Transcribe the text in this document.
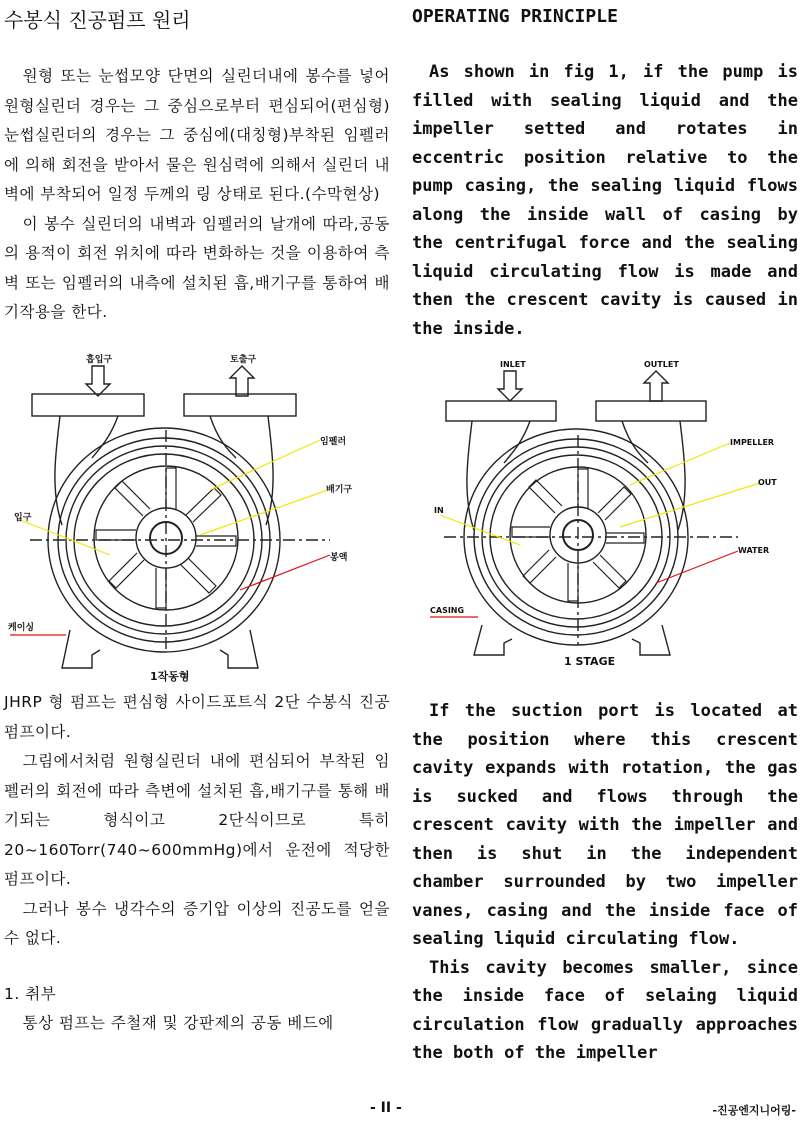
수봉식 진공펌프 원리	OPERATING PRINCIPLE

원형 또는 눈썹모양 단면의 실린더내에 봉수를 넣어 원형실린더 경우는 그 중심으로부터 편심되어(편심형)눈썹실린더의 경우는 그 중심에(대칭형)부착된 임펠러에 의해 회전을 받아서 물은 원심력에 의해서 실린더 내벽에 부착되어 일정 두께의 링 상태로 된다.(수막현상)

이 봉수 실린더의 내벽과 임펠러의 날개에 따라,공동의 용적이 회전 위치에 따라 변화하는 것을 이용하여 측벽 또는 임펠러의 내측에 설치된 흡,배기구를 통하여 배기작용을 한다.

As shown in fig 1, if the pump is filled with sealing liquid and the impeller setted and rotates in eccentric position relative to the pump casing, the sealing liquid flows along the inside wall of casing by the centrifugal force and the sealing liquid circulating flow is made and then the crescent cavity is caused in the inside.

흡입구	토출구
임펠러
배기구
입구
봉액
케이싱
1작동형
INLET	OUTLET
IMPELLER
OUT
IN
WATER
CASING
1 STAGE

JHRP 형 펌프는 편심형 사이드포트식 2단 수봉식 진공펌프이다.

그림에서처럼 원형실린더 내에 편심되어 부착된 임펠러의 회전에 따라 측변에 설치된 흡,배기구를 통해 배기되는 형식이고 2단식이므로 특히 20~160Torr(740~600mmHg)에서 운전에 적당한 펌프이다.

그러나 봉수 냉각수의 증기압 이상의 진공도를 얻을 수 없다.

1. 취부

통상 펌프는 주철재 및 강판제의 공동 베드에

If the suction port is located at the position where this crescent cavity expands with rotation, the gas is sucked and flows through the crescent cavity with the impeller and then is shut in the independent chamber surrounded by two impeller vanes, casing and the inside face of sealing liquid circulating flow.

This cavity becomes smaller, since the inside face of selaing liquid circulation flow gradually approaches the both of the impeller

- II -	-진공엔지니어링-
